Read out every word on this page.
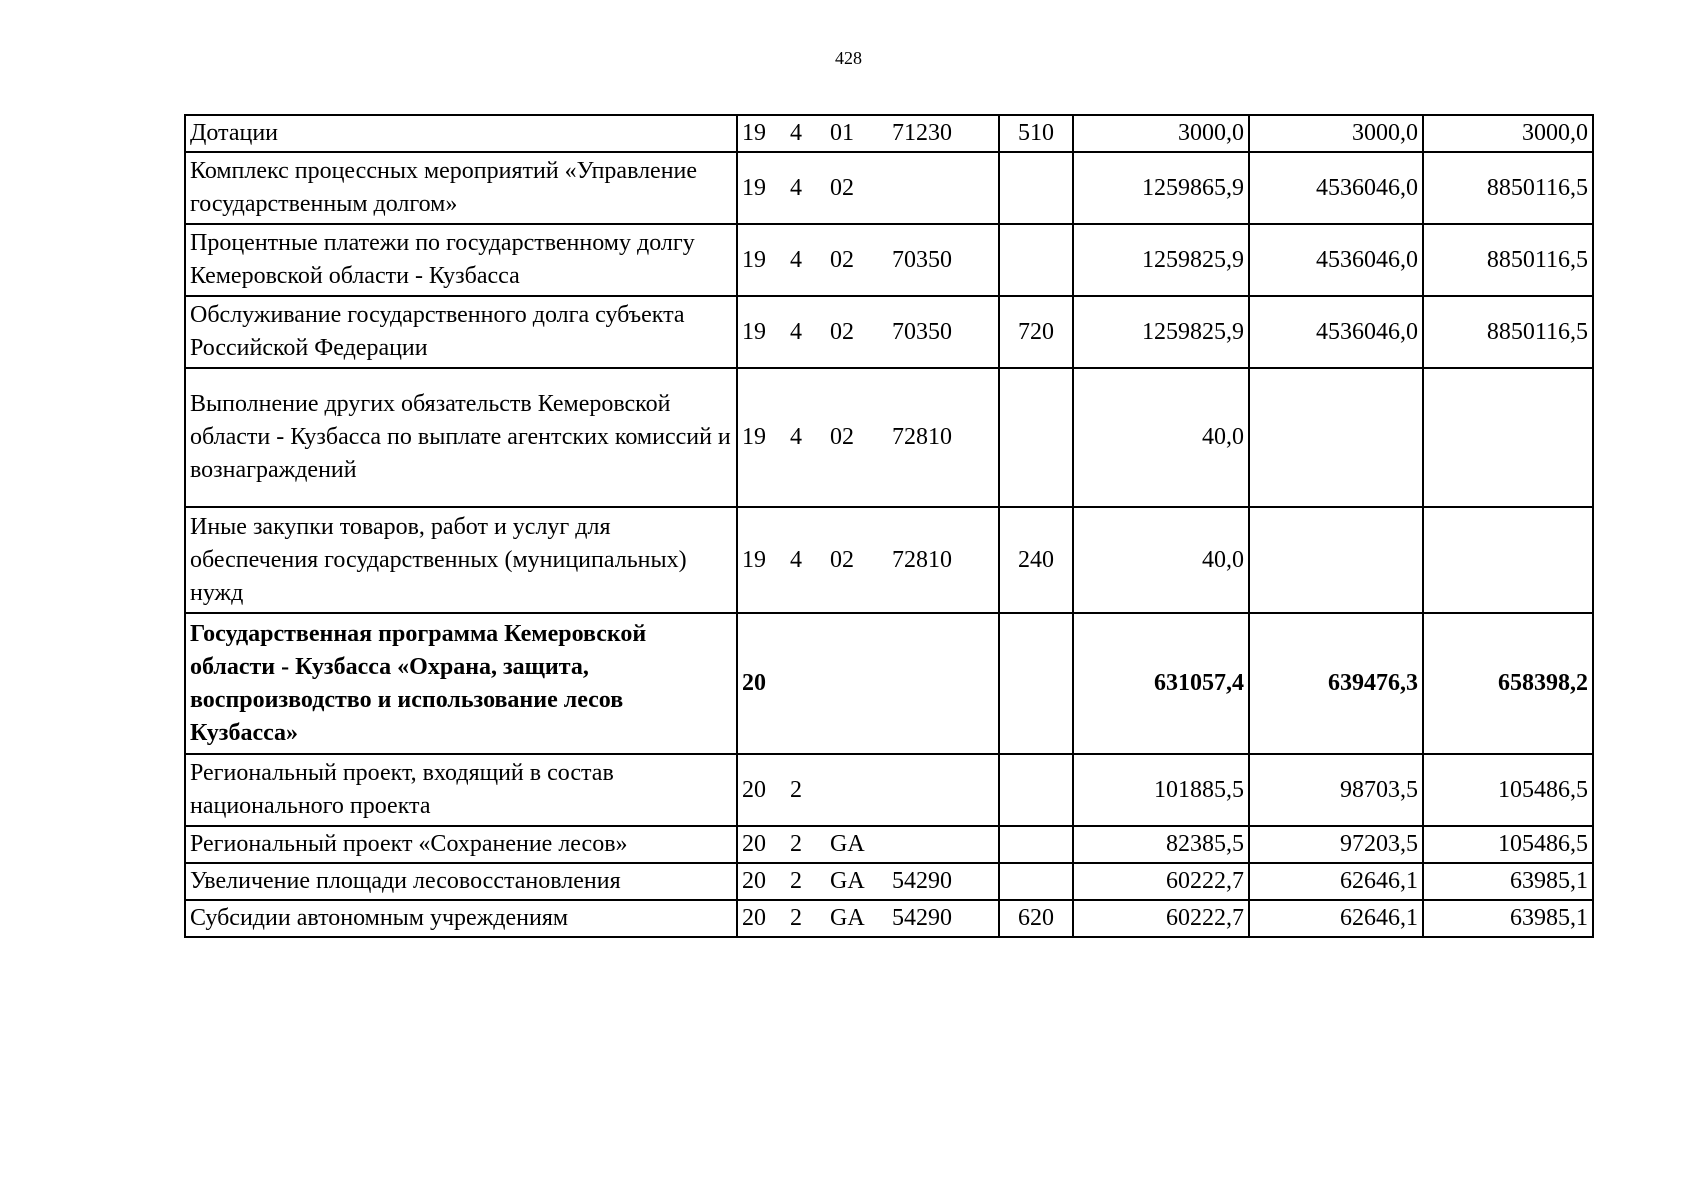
428
Дотации	19 4 01 71230	510	3000,0	3000,0	3000,0
Комплекс процессных мероприятий «Управление государственным долгом»	19 4 02		1259865,9	4536046,0	8850116,5
Процентные платежи по государственному долгу Кемеровской области - Кузбасса	19 4 02 70350		1259825,9	4536046,0	8850116,5
Обслуживание государственного долга субъекта Российской Федерации	19 4 02 70350	720	1259825,9	4536046,0	8850116,5
Выполнение других обязательств Кемеровской области - Кузбасса по выплате агентских комиссий и вознаграждений	19 4 02 72810		40,0		
Иные закупки товаров, работ и услуг для обеспечения государственных (муниципальных) нужд	19 4 02 72810	240	40,0		
Государственная программа Кемеровской области - Кузбасса «Охрана, защита, воспроизводство и использование лесов Кузбасса»	20		631057,4	639476,3	658398,2
Региональный проект, входящий в состав национального проекта	20 2		101885,5	98703,5	105486,5
Региональный проект «Сохранение лесов»	20 2 GA		82385,5	97203,5	105486,5
Увеличение площади лесовосстановления	20 2 GA 54290		60222,7	62646,1	63985,1
Субсидии автономным учреждениям	20 2 GA 54290	620	60222,7	62646,1	63985,1
